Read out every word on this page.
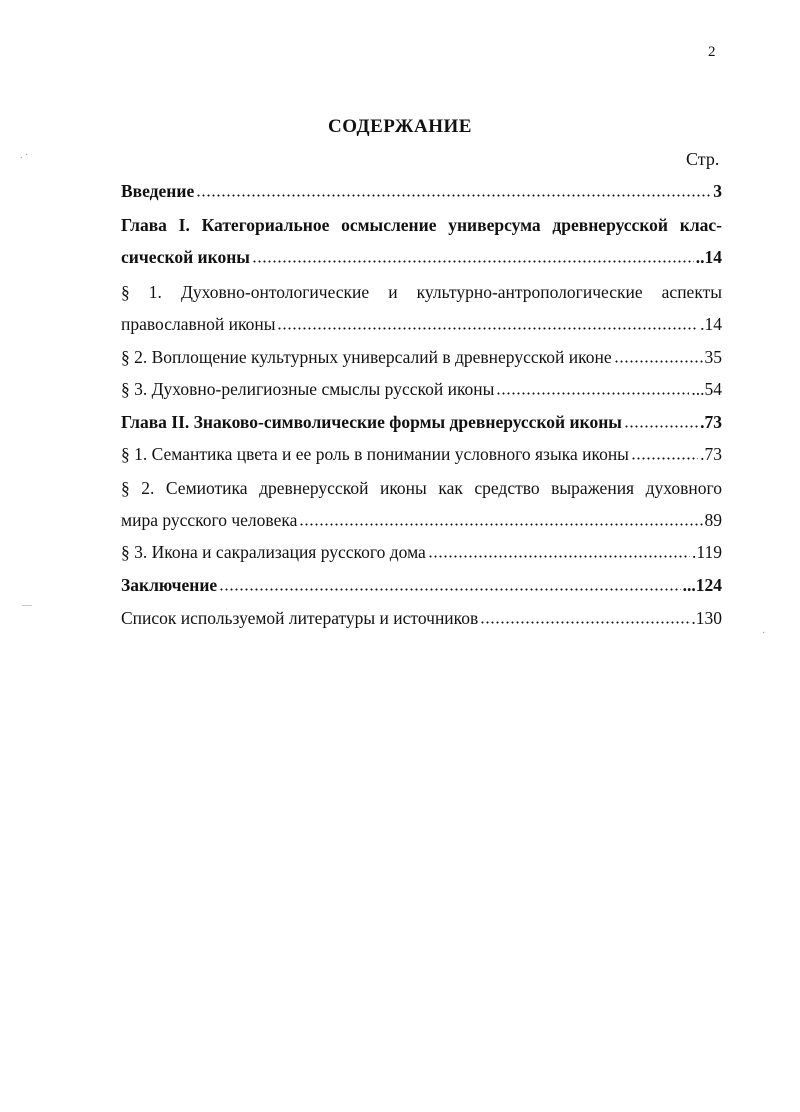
2
СОДЕРЖАНИЕ
Стр.
Введение	3
Глава I. Категориальное осмысление универсума древнерусской клас-
сической иконы	..14
§ 1. Духовно-онтологические и культурно-антропологические аспекты
православной иконы	.14
§ 2. Воплощение культурных универсалий в древнерусской иконе	35
§ 3. Духовно-религиозные смыслы русской иконы	...54
Глава II. Знаково-символические формы древнерусской иконы	.73
§ 1. Семантика цвета и ее роль в понимании условного языка иконы	.73
§ 2. Семиотика древнерусской иконы как средство выражения духовного
мира русского человека	89
§ 3. Икона и сакрализация русского дома	.119
Заключение	...124
Список используемой литературы и источников	.130
. ·
—
·
